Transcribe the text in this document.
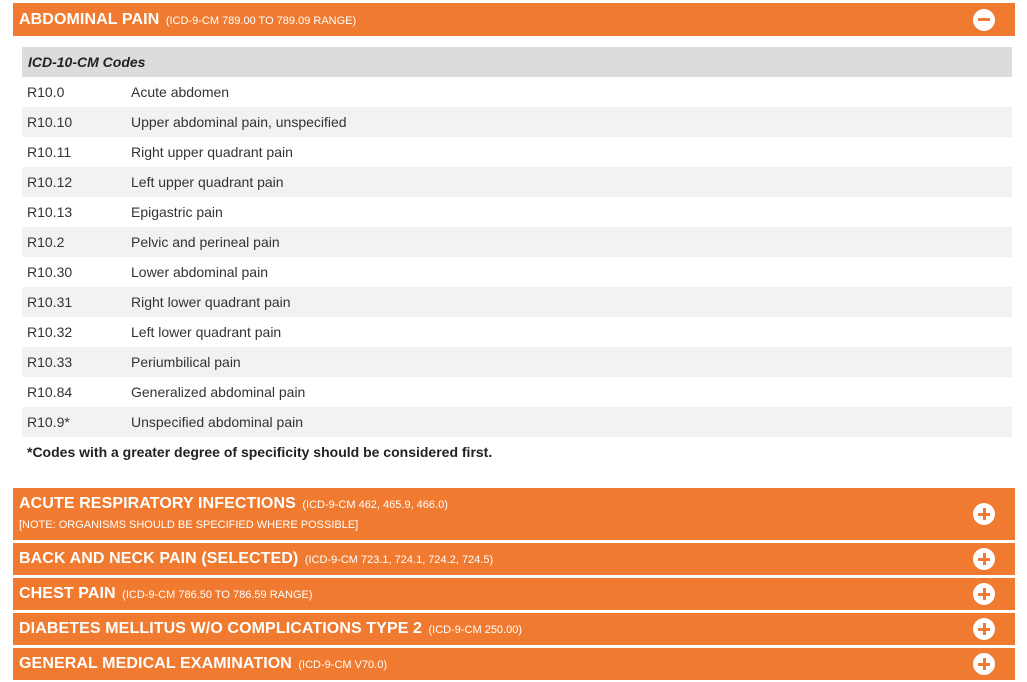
ABDOMINAL PAIN (ICD-9-CM 789.00 TO 789.09 RANGE)
ICD-10-CM Codes
R10.0	Acute abdomen
R10.10	Upper abdominal pain, unspecified
R10.11	Right upper quadrant pain
R10.12	Left upper quadrant pain
R10.13	Epigastric pain
R10.2	Pelvic and perineal pain
R10.30	Lower abdominal pain
R10.31	Right lower quadrant pain
R10.32	Left lower quadrant pain
R10.33	Periumbilical pain
R10.84	Generalized abdominal pain
R10.9*	Unspecified abdominal pain
*Codes with a greater degree of specificity should be considered first.
ACUTE RESPIRATORY INFECTIONS (ICD-9-CM 462, 465.9, 466.0)
[NOTE: ORGANISMS SHOULD BE SPECIFIED WHERE POSSIBLE]
BACK AND NECK PAIN (SELECTED) (ICD-9-CM 723.1, 724.1, 724.2, 724.5)
CHEST PAIN (ICD-9-CM 786.50 TO 786.59 RANGE)
DIABETES MELLITUS W/O COMPLICATIONS TYPE 2 (ICD-9-CM 250.00)
GENERAL MEDICAL EXAMINATION (ICD-9-CM V70.0)
